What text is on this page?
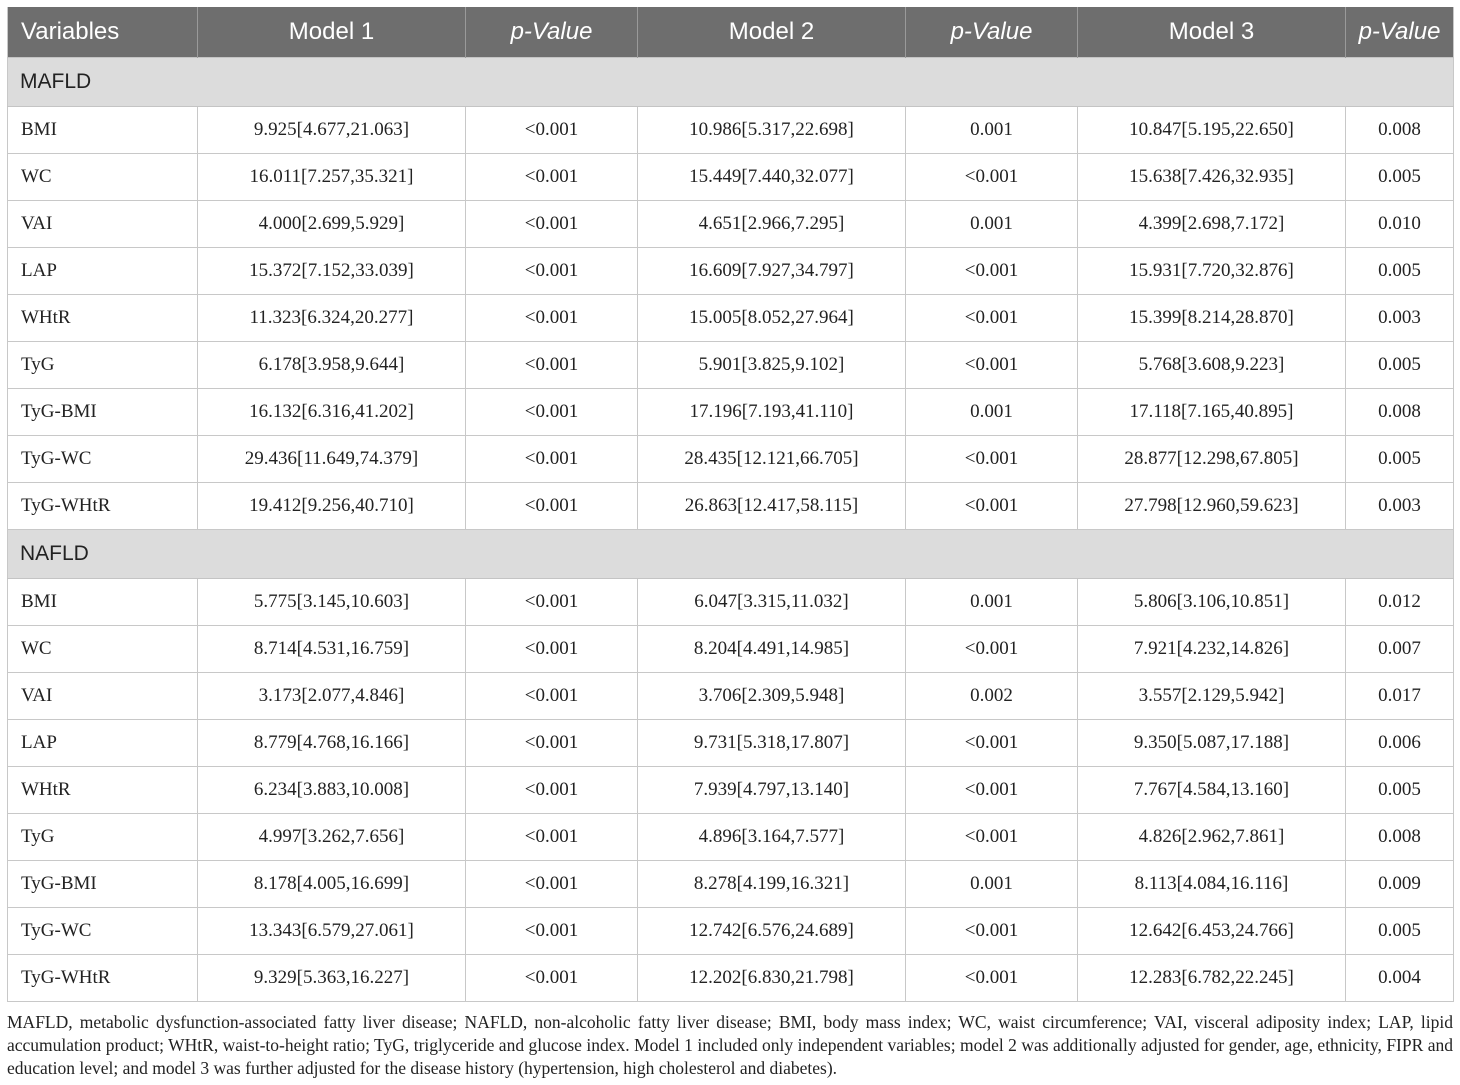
Variables	Model 1	p-Value	Model 2	p-Value	Model 3	p-Value
MAFLD						
BMI	9.925[4.677,21.063]	<0.001	10.986[5.317,22.698]	0.001	10.847[5.195,22.650]	0.008
WC	16.011[7.257,35.321]	<0.001	15.449[7.440,32.077]	<0.001	15.638[7.426,32.935]	0.005
VAI	4.000[2.699,5.929]	<0.001	4.651[2.966,7.295]	0.001	4.399[2.698,7.172]	0.010
LAP	15.372[7.152,33.039]	<0.001	16.609[7.927,34.797]	<0.001	15.931[7.720,32.876]	0.005
WHtR	11.323[6.324,20.277]	<0.001	15.005[8.052,27.964]	<0.001	15.399[8.214,28.870]	0.003
TyG	6.178[3.958,9.644]	<0.001	5.901[3.825,9.102]	<0.001	5.768[3.608,9.223]	0.005
TyG-BMI	16.132[6.316,41.202]	<0.001	17.196[7.193,41.110]	0.001	17.118[7.165,40.895]	0.008
TyG-WC	29.436[11.649,74.379]	<0.001	28.435[12.121,66.705]	<0.001	28.877[12.298,67.805]	0.005
TyG-WHtR	19.412[9.256,40.710]	<0.001	26.863[12.417,58.115]	<0.001	27.798[12.960,59.623]	0.003
NAFLD						
BMI	5.775[3.145,10.603]	<0.001	6.047[3.315,11.032]	0.001	5.806[3.106,10.851]	0.012
WC	8.714[4.531,16.759]	<0.001	8.204[4.491,14.985]	<0.001	7.921[4.232,14.826]	0.007
VAI	3.173[2.077,4.846]	<0.001	3.706[2.309,5.948]	0.002	3.557[2.129,5.942]	0.017
LAP	8.779[4.768,16.166]	<0.001	9.731[5.318,17.807]	<0.001	9.350[5.087,17.188]	0.006
WHtR	6.234[3.883,10.008]	<0.001	7.939[4.797,13.140]	<0.001	7.767[4.584,13.160]	0.005
TyG	4.997[3.262,7.656]	<0.001	4.896[3.164,7.577]	<0.001	4.826[2.962,7.861]	0.008
TyG-BMI	8.178[4.005,16.699]	<0.001	8.278[4.199,16.321]	0.001	8.113[4.084,16.116]	0.009
TyG-WC	13.343[6.579,27.061]	<0.001	12.742[6.576,24.689]	<0.001	12.642[6.453,24.766]	0.005
TyG-WHtR	9.329[5.363,16.227]	<0.001	12.202[6.830,21.798]	<0.001	12.283[6.782,22.245]	0.004
MAFLD, metabolic dysfunction-associated fatty liver disease; NAFLD, non-alcoholic fatty liver disease; BMI, body mass index; WC, waist circumference; VAI, visceral adiposity index; LAP, lipid accumulation product; WHtR, waist-to-height ratio; TyG, triglyceride and glucose index. Model 1 included only independent variables; model 2 was additionally adjusted for gender, age, ethnicity, FIPR and education level; and model 3 was further adjusted for the disease history (hypertension, high cholesterol and diabetes).
